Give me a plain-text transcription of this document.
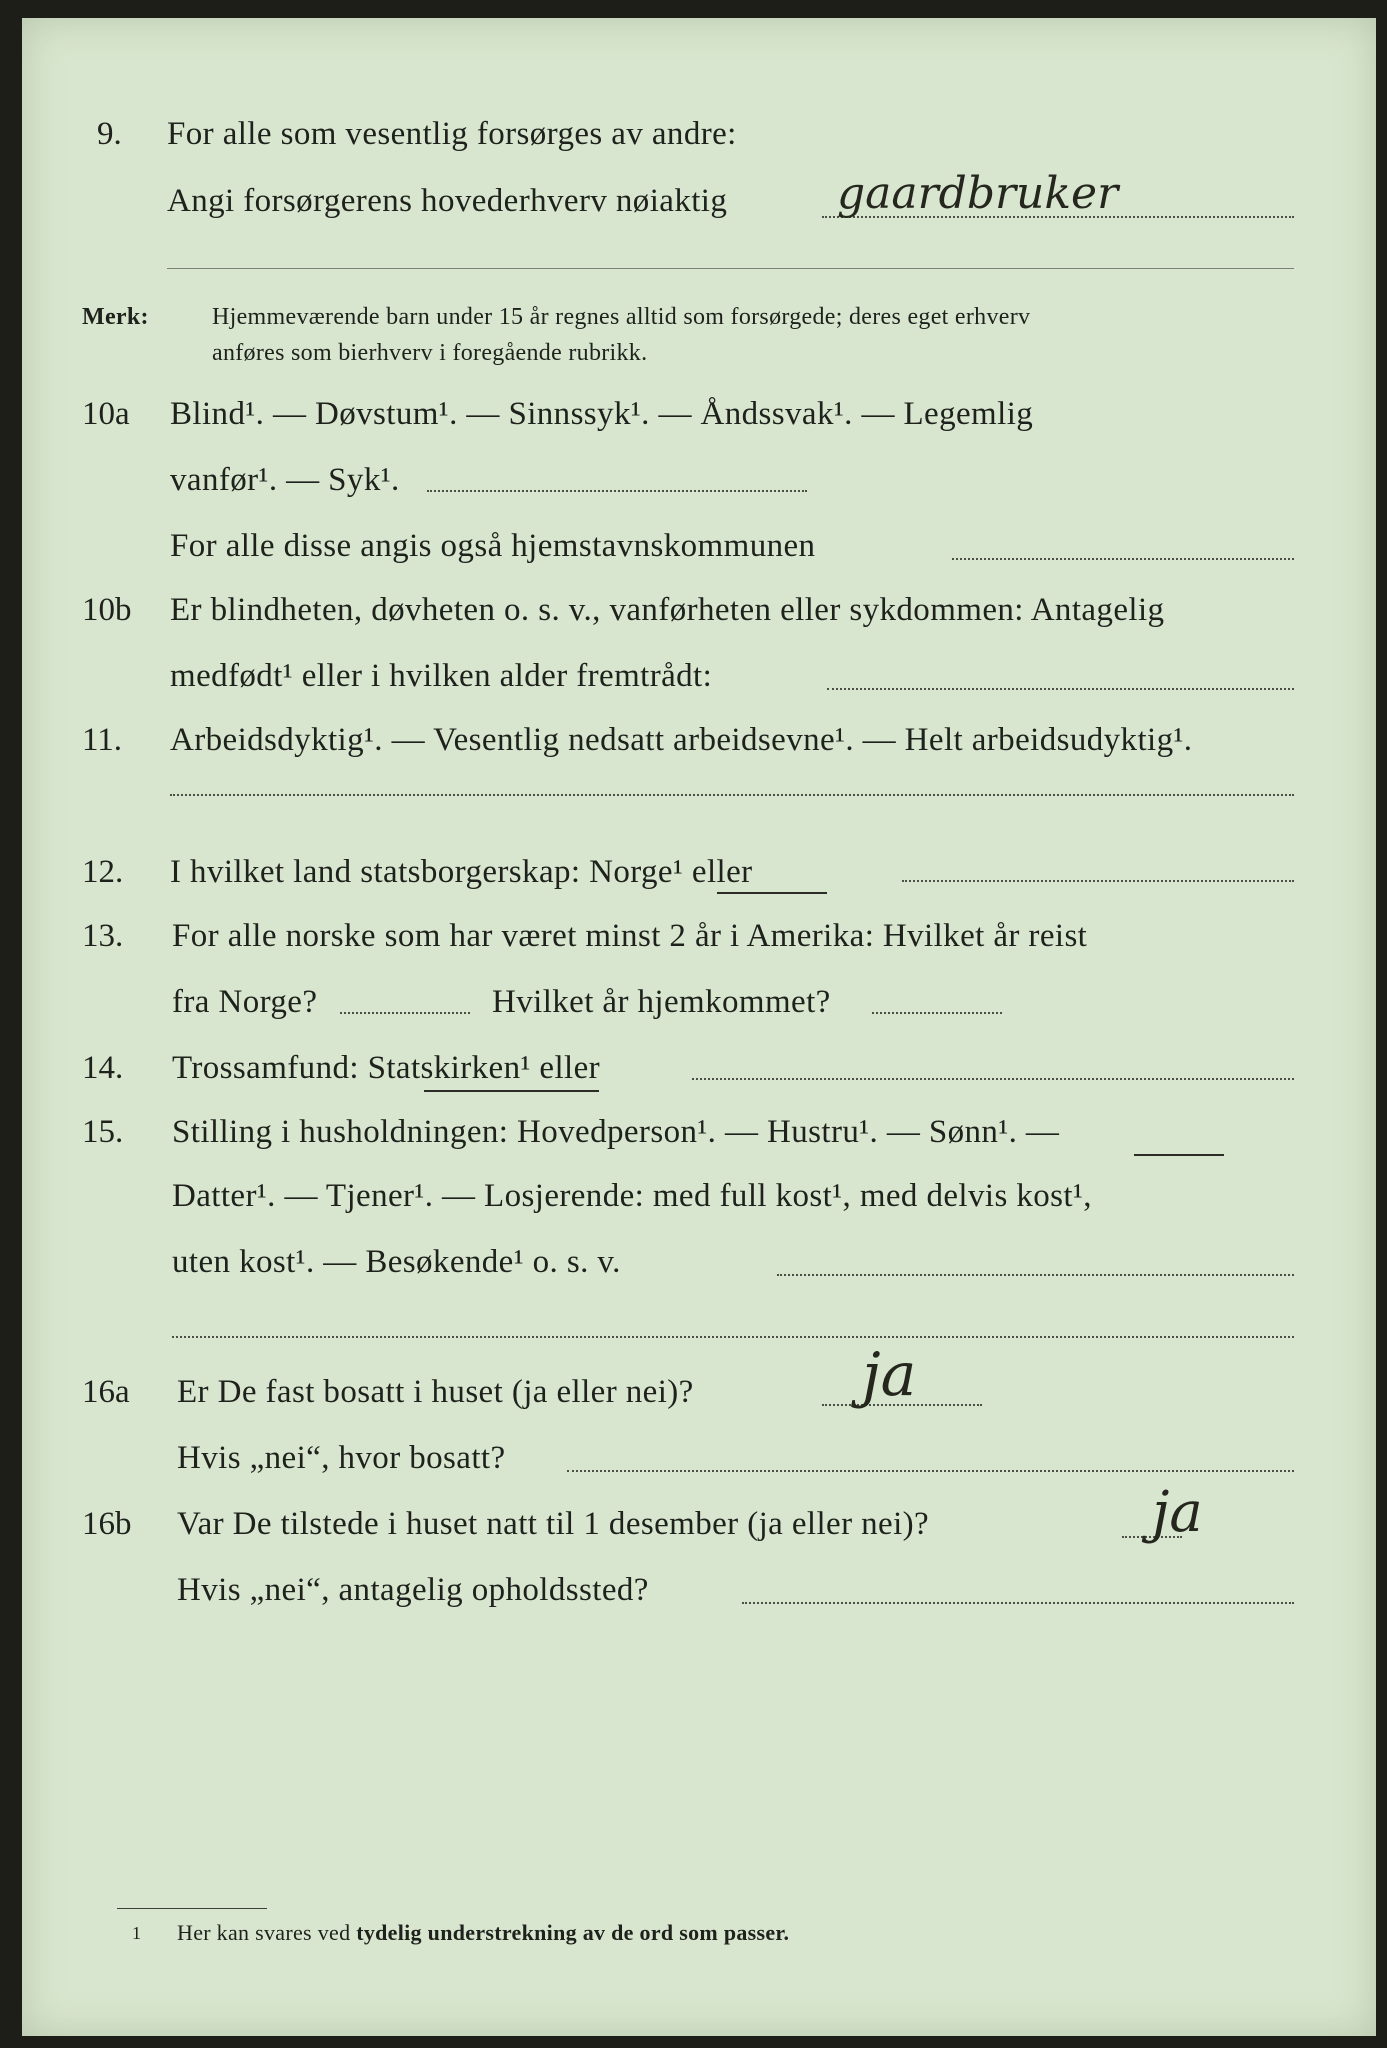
9. For alle som vesentlig forsørges av andre:
Angi forsørgerens hovederhverv nøiaktig gaardbruker
Merk:	Hjemmeværende barn under 15 år regnes alltid som forsørgede; deres eget erhverv
anføres som bierhverv i foregående rubrikk.
10a Blind¹. — Døvstum¹. — Sinnssyk¹. — Åndssvak¹. — Legemlig
vanfør¹. — Syk¹.
For alle disse angis også hjemstavnskommunen
10b Er blindheten, døvheten o. s. v., vanførheten eller sykdommen: Antagelig
medfødt¹ eller i hvilken alder fremtrådt:
11. Arbeidsdyktig¹. — Vesentlig nedsatt arbeidsevne¹. — Helt arbeidsudyktig¹.
12. I hvilket land statsborgerskap: Norge¹ eller
13. For alle norske som har været minst 2 år i Amerika: Hvilket år reist
fra Norge?	Hvilket år hjemkommet?
14. Trossamfund: Statskirken¹ eller
15. Stilling i husholdningen: Hovedperson¹. — Hustru¹. — Sønn¹. —
Datter¹. — Tjener¹. — Losjerende: med full kost¹, med delvis kost¹,
uten kost¹. — Besøkende¹ o. s. v.
16a Er De fast bosatt i huset (ja eller nei)?	ja
Hvis „nei“, hvor bosatt?
16b Var De tilstede i huset natt til 1 desember (ja eller nei)?	ja
Hvis „nei“, antagelig opholdssted?
1 Her kan svares ved tydelig understrekning av de ord som passer.
